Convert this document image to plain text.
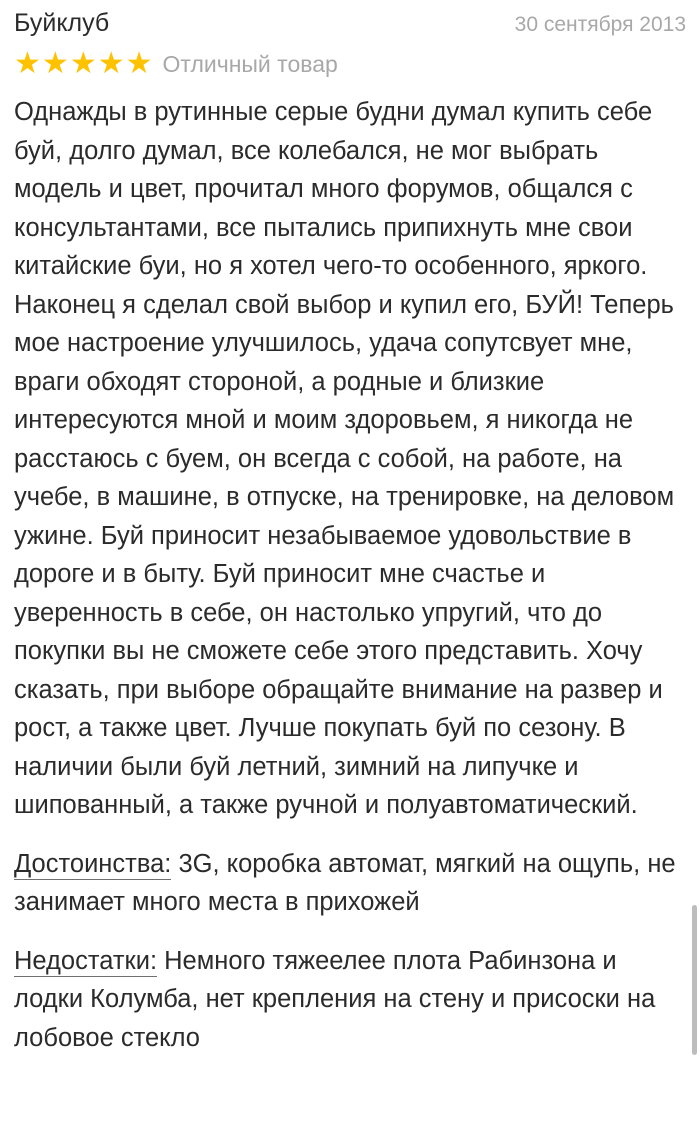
Буйклуб	30 сентября 2013
★ ★ ★ ★ ★ Отличный товар
Однажды в рутинные серые будни думал купить себе буй, долго думал, все колебался, не мог выбрать модель и цвет, прочитал много форумов, общался с консультантами, все пытались припихнуть мне свои китайские буи, но я хотел чего-то особенного, яркого. Наконец я сделал свой выбор и купил его, БУЙ! Теперь мое настроение улучшилось, удача сопутсвует мне, враги обходят стороной, а родные и близкие интересуются мной и моим здоровьем, я никогда не расстаюсь с буем, он всегда с собой, на работе, на учебе, в машине, в отпуске, на тренировке, на деловом ужине. Буй приносит незабываемое удовольствие в дороге и в быту. Буй приносит мне счастье и уверенность в себе, он настолько упругий, что до покупки вы не сможете себе этого представить. Хочу сказать, при выборе обращайте внимание на развер и рост, а также цвет. Лучше покупать буй по сезону. В наличии были буй летний, зимний на липучке и шипованный, а также ручной и полуавтоматический.
Достоинства: 3G, коробка автомат, мягкий на ощупь, не занимает много места в прихожей
Недостатки: Немного тяжеелее плота Рабинзона и лодки Колумба, нет крепления на стену и присоски на лобовое стекло
